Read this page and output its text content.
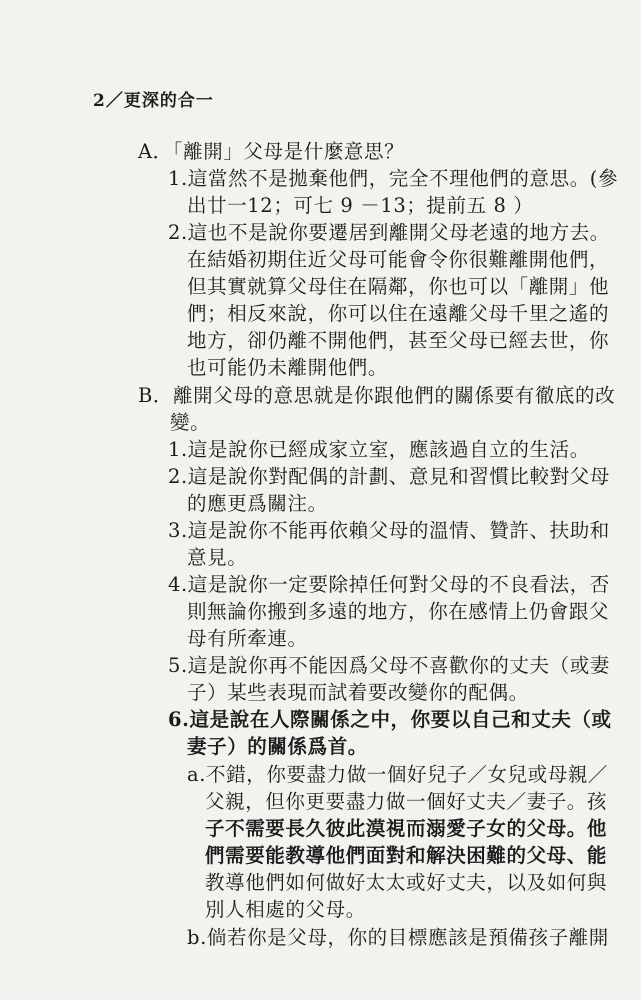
2／更深的合一
A．「離開」父母是什麼意思？
1.這當然不是拋棄他們，完全不理他們的意思。(參
出廿一12；可七 9 －13；提前五 8 ）
2.這也不是說你要遷居到離開父母老遠的地方去。
在結婚初期住近父母可能會令你很難離開他們，
但其實就算父母住在隔鄰，你也可以「離開」他
們；相反來說，你可以住在遠離父母千里之遙的
地方，卻仍離不開他們，甚至父母已經去世，你
也可能仍未離開他們。
B．離開父母的意思就是你跟他們的關係要有徹底的改
變。
1.這是說你已經成家立室，應該過自立的生活。
2.這是說你對配偶的計劃、意見和習慣比較對父母
的應更爲關注。
3.這是說你不能再依賴父母的溫情、贊許、扶助和
意見。
4.這是說你一定要除掉任何對父母的不良看法，否
則無論你搬到多遠的地方，你在感情上仍會跟父
母有所牽連。
5.這是說你再不能因爲父母不喜歡你的丈夫（或妻
子）某些表現而試着要改變你的配偶。
6.這是說在人際關係之中，你要以自己和丈夫（或
妻子）的關係爲首。
a.不錯，你要盡力做一個好兒子／女兒或母親／
父親，但你更要盡力做一個好丈夫／妻子。孩
子不需要長久彼此漠視而溺愛子女的父母。他
們需要能教導他們面對和解決困難的父母、能
教導他們如何做好太太或好丈夫，以及如何與
別人相處的父母。
b.倘若你是父母，你的目標應該是預備孩子離開
